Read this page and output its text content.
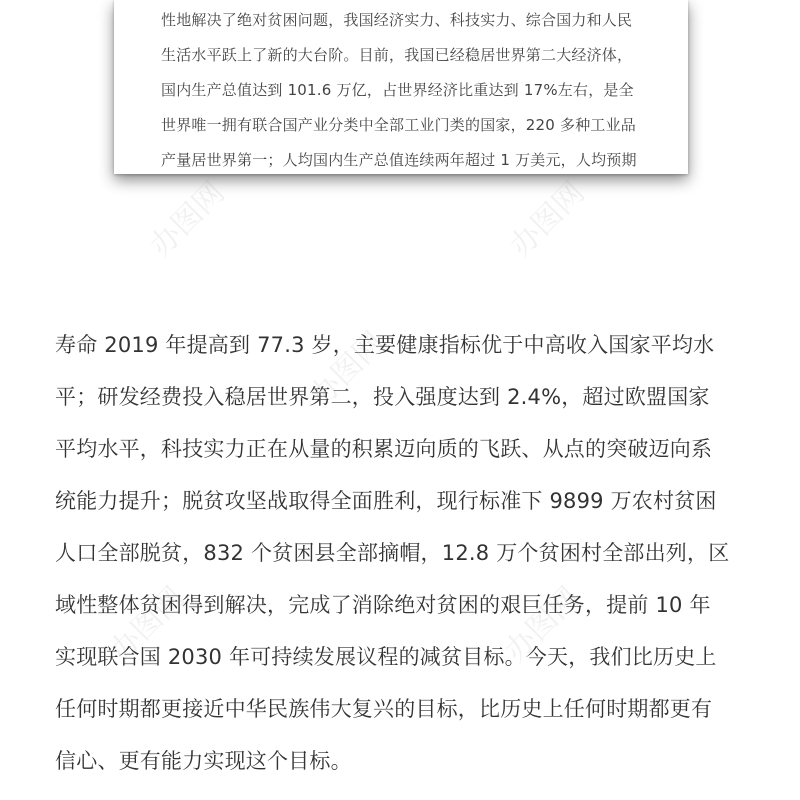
性地解决了绝对贫困问题，我国经济实力、科技实力、综合国力和人民
生活水平跃上了新的大台阶。目前，我国已经稳居世界第二大经济体，
国内生产总值达到 101.6 万亿，占世界经济比重达到 17%左右，是全
世界唯一拥有联合国产业分类中全部工业门类的国家，220 多种工业品
产量居世界第一；人均国内生产总值连续两年超过 1 万美元，人均预期
寿命 2019 年提高到 77.3 岁，主要健康指标优于中高收入国家平均水
平；研发经费投入稳居世界第二，投入强度达到 2.4%，超过欧盟国家
平均水平，科技实力正在从量的积累迈向质的飞跃、从点的突破迈向系
统能力提升；脱贫攻坚战取得全面胜利，现行标准下 9899 万农村贫困
人口全部脱贫，832 个贫困县全部摘帽，12.8 万个贫困村全部出列，区
域性整体贫困得到解决，完成了消除绝对贫困的艰巨任务，提前 10 年
实现联合国 2030 年可持续发展议程的减贫目标。今天，我们比历史上
任何时期都更接近中华民族伟大复兴的目标，比历史上任何时期都更有
信心、更有能力实现这个目标。
办图网	办图网
办图网
办图网	办图网
